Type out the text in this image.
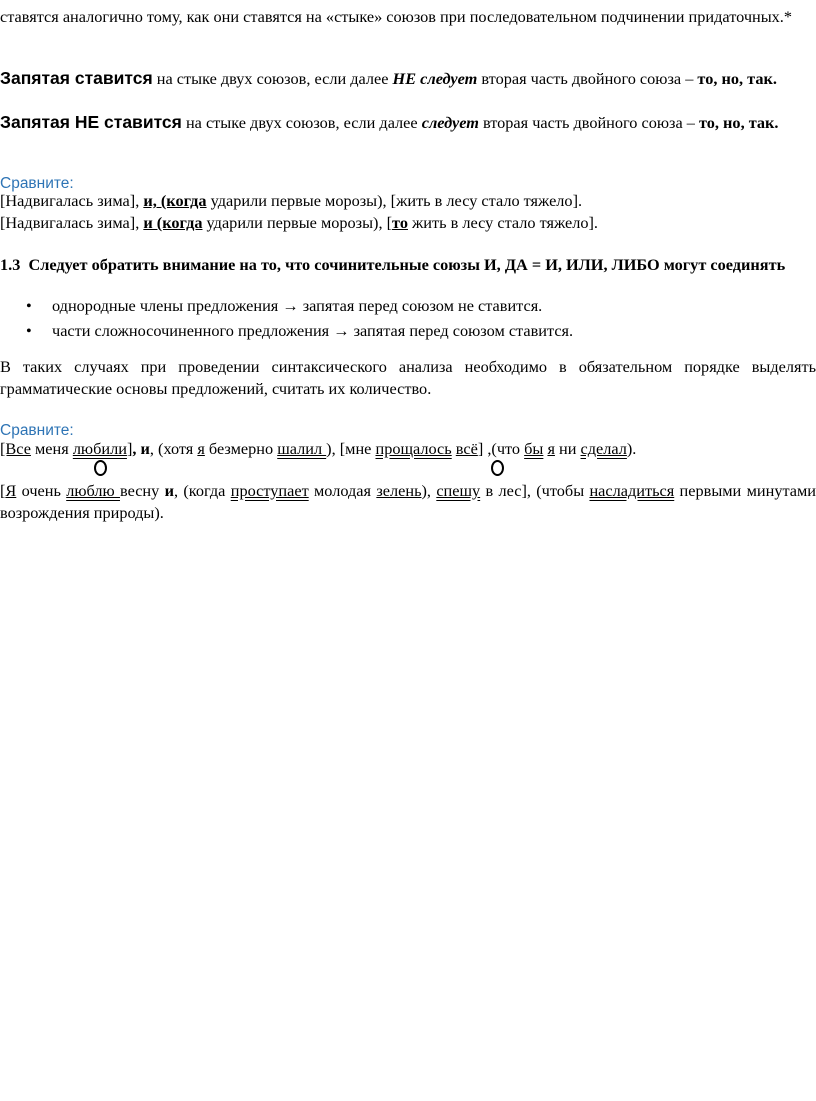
ставятся аналогично тому, как они ставятся на «стыке» союзов при последовательном подчинении придаточных.*
Запятая ставится на стыке двух союзов, если далее НЕ следует вторая часть двойного союза – то, но, так.
Запятая НЕ ставится на стыке двух союзов, если далее следует вторая часть двойного союза – то, но, так.
Сравните:
[Надвигалась зима], и, (когда ударили первые морозы), [жить в лесу стало тяжело].
[Надвигалась зима], и (когда ударили первые морозы), [то жить в лесу стало тяжело].
1.3 Следует обратить внимание на то, что сочинительные союзы И, ДА = И, ИЛИ, ЛИБО могут соединять
• однородные члены предложения → запятая перед союзом не ставится.
• части сложносочиненного предложения → запятая перед союзом ставится.
В таких случаях при проведении синтаксического анализа необходимо в обязательном порядке выделять грамматические основы предложений, считать их количество.
Сравните:
[Все меня любили], и, (хотя я безмерно шалил ), [мне прощалось всё] ,(что бы я ни сделал).
[Я очень люблю весну и, (когда проступает молодая зелень), спешу в лес], (чтобы насладиться первыми минутами возрождения природы).
